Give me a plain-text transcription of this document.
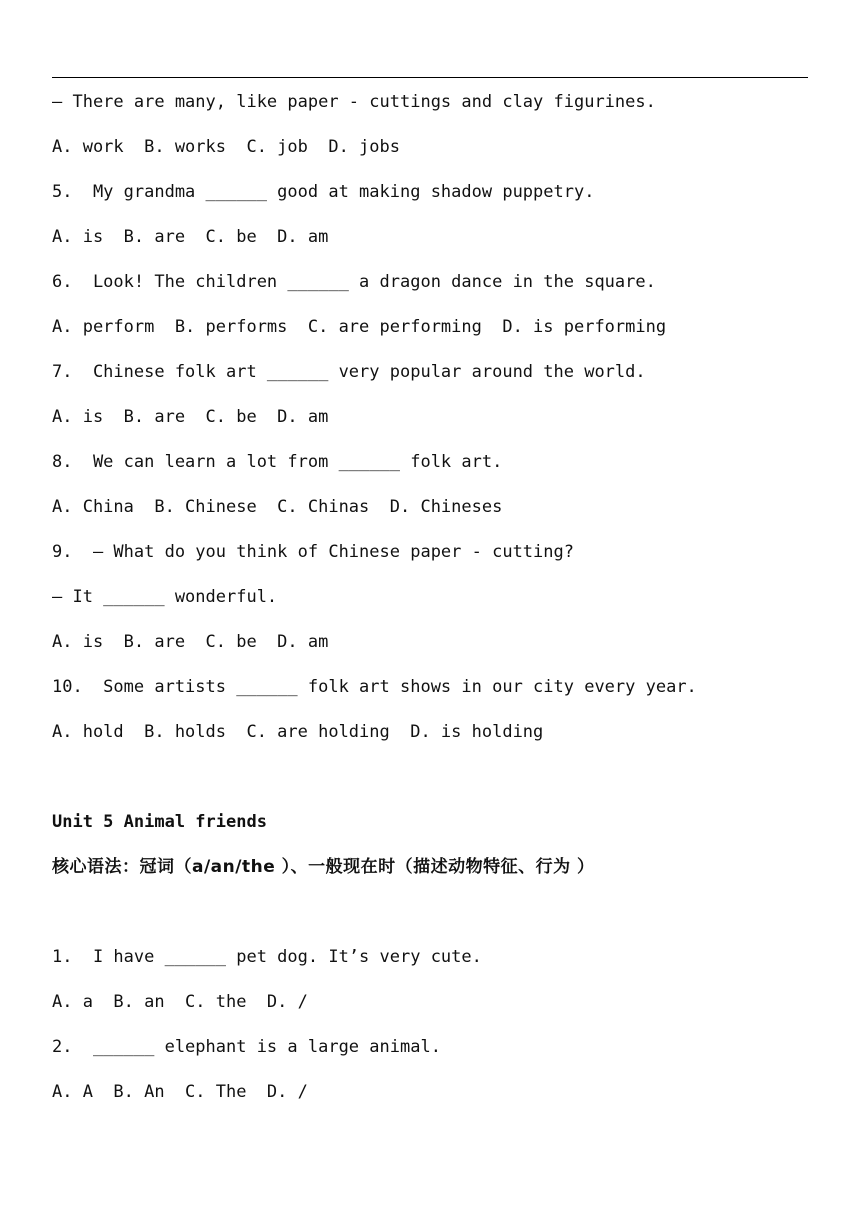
— There are many, like paper - cuttings and clay figurines.
A. work  B. works  C. job  D. jobs
5.  My grandma ______ good at making shadow puppetry.
A. is  B. are  C. be  D. am
6.  Look! The children ______ a dragon dance in the square.
A. perform  B. performs  C. are performing  D. is performing
7.  Chinese folk art ______ very popular around the world.
A. is  B. are  C. be  D. am
8.  We can learn a lot from ______ folk art.
A. China  B. Chinese  C. Chinas  D. Chineses
9.  — What do you think of Chinese paper - cutting?
— It ______ wonderful.
A. is  B. are  C. be  D. am
10.  Some artists ______ folk art shows in our city every year.
A. hold  B. holds  C. are holding  D. is holding
Unit 5 Animal friends
核心语法：冠词（a/an/the ）、一般现在时（描述动物特征、行为 ）
1.  I have ______ pet dog. It’s very cute.
A. a  B. an  C. the  D. /
2.  ______ elephant is a large animal.
A. A  B. An  C. The  D. /
